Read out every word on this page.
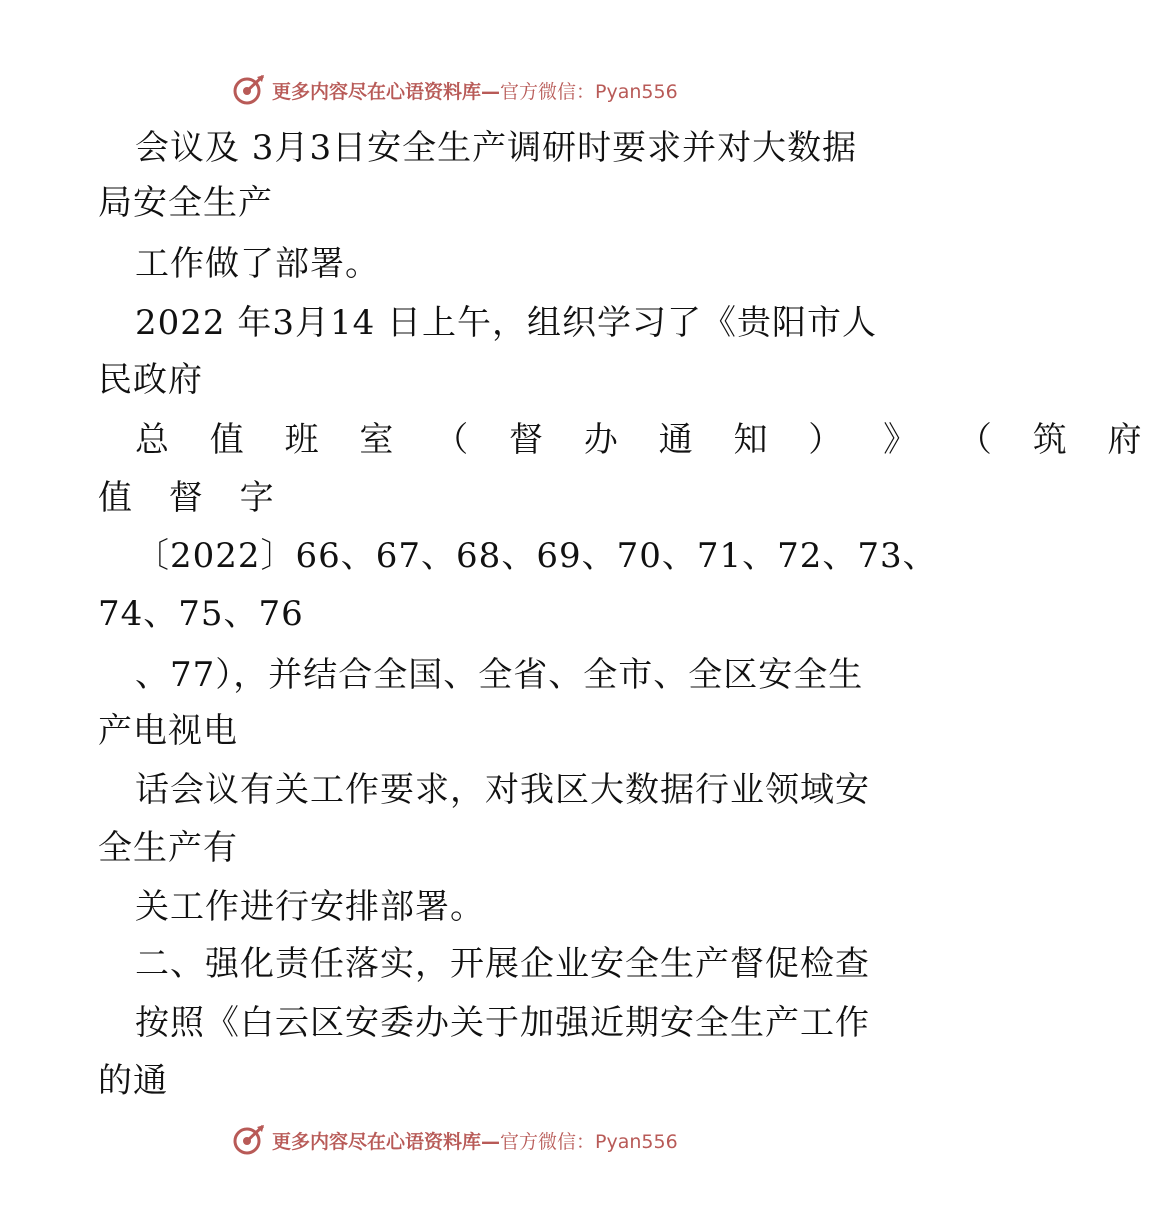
更多内容尽在心语资料库— 官方微信：Pyan556
会议及 3月3日安全生产调研时要求并对大数据
局安全生产
工作做了部署。
2022 年3月14 日上午，组织学习了《贵阳市人
民政府
总 值 班 室 （ 督 办 通 知 ） 》 （ 筑 府
值 督 字
〔2022〕66、67、68、69、70、71、72、73、
74、75、76
、77），并结合全国、全省、全市、全区安全生
产电视电
话会议有关工作要求，对我区大数据行业领域安
全生产有
关工作进行安排部署。
二、强化责任落实，开展企业安全生产督促检查
按照《白云区安委办关于加强近期安全生产工作
的通
更多内容尽在心语资料库— 官方微信：Pyan556
